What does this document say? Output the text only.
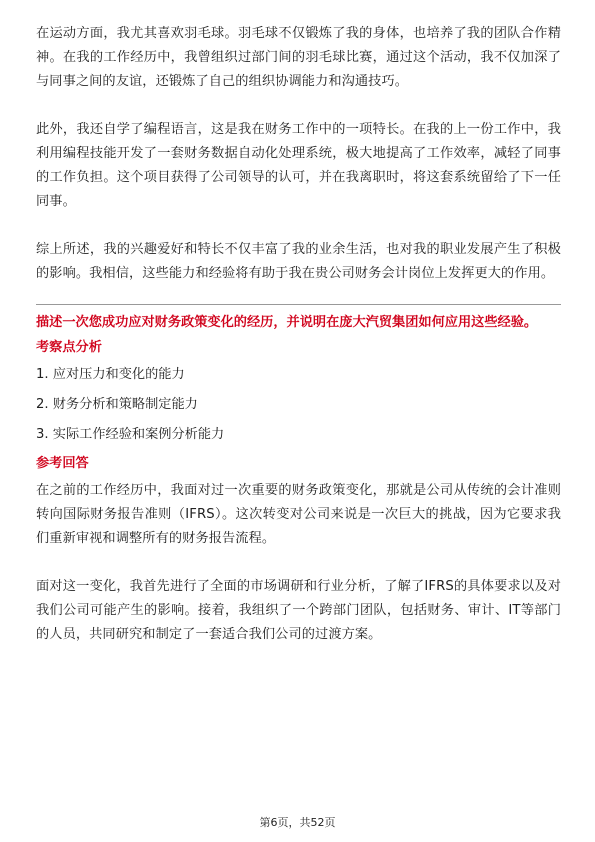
在运动方面，我尤其喜欢羽毛球。羽毛球不仅锻炼了我的身体，也培养了我的团队合作精神。在我的工作经历中，我曾组织过部门间的羽毛球比赛，通过这个活动，我不仅加深了与同事之间的友谊，还锻炼了自己的组织协调能力和沟通技巧。

此外，我还自学了编程语言，这是我在财务工作中的一项特长。在我的上一份工作中，我利用编程技能开发了一套财务数据自动化处理系统，极大地提高了工作效率，减轻了同事的工作负担。这个项目获得了公司领导的认可，并在我离职时，将这套系统留给了下一任同事。

综上所述，我的兴趣爱好和特长不仅丰富了我的业余生活，也对我的职业发展产生了积极的影响。我相信，这些能力和经验将有助于我在贵公司财务会计岗位上发挥更大的作用。

描述一次您成功应对财务政策变化的经历，并说明在庞大汽贸集团如何应用这些经验。

考察点分析

1. 应对压力和变化的能力
2. 财务分析和策略制定能力
3. 实际工作经验和案例分析能力

参考回答

在之前的工作经历中，我面对过一次重要的财务政策变化，那就是公司从传统的会计准则转向国际财务报告准则（IFRS）。这次转变对公司来说是一次巨大的挑战，因为它要求我们重新审视和调整所有的财务报告流程。

面对这一变化，我首先进行了全面的市场调研和行业分析，了解了IFRS的具体要求以及对我们公司可能产生的影响。接着，我组织了一个跨部门团队，包括财务、审计、IT等部门的人员，共同研究和制定了一套适合我们公司的过渡方案。

第6页，共52页
